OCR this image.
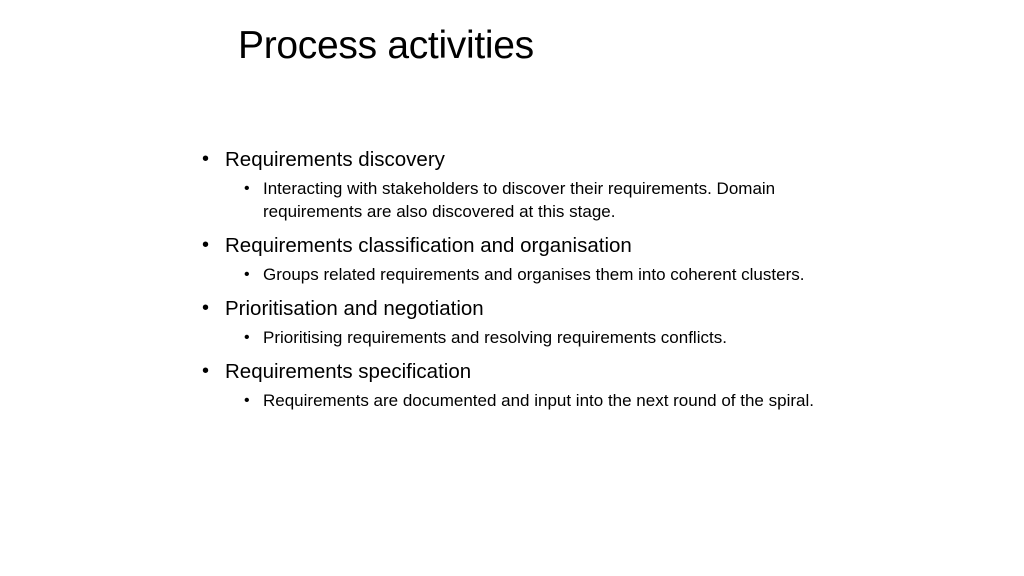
Process activities
• Requirements discovery
• Interacting with stakeholders to discover their requirements. Domain requirements are also discovered at this stage.
• Requirements classification and organisation
• Groups related requirements and organises them into coherent clusters.
• Prioritisation and negotiation
• Prioritising requirements and resolving requirements conflicts.
• Requirements specification
• Requirements are documented and input into the next round of the spiral.
